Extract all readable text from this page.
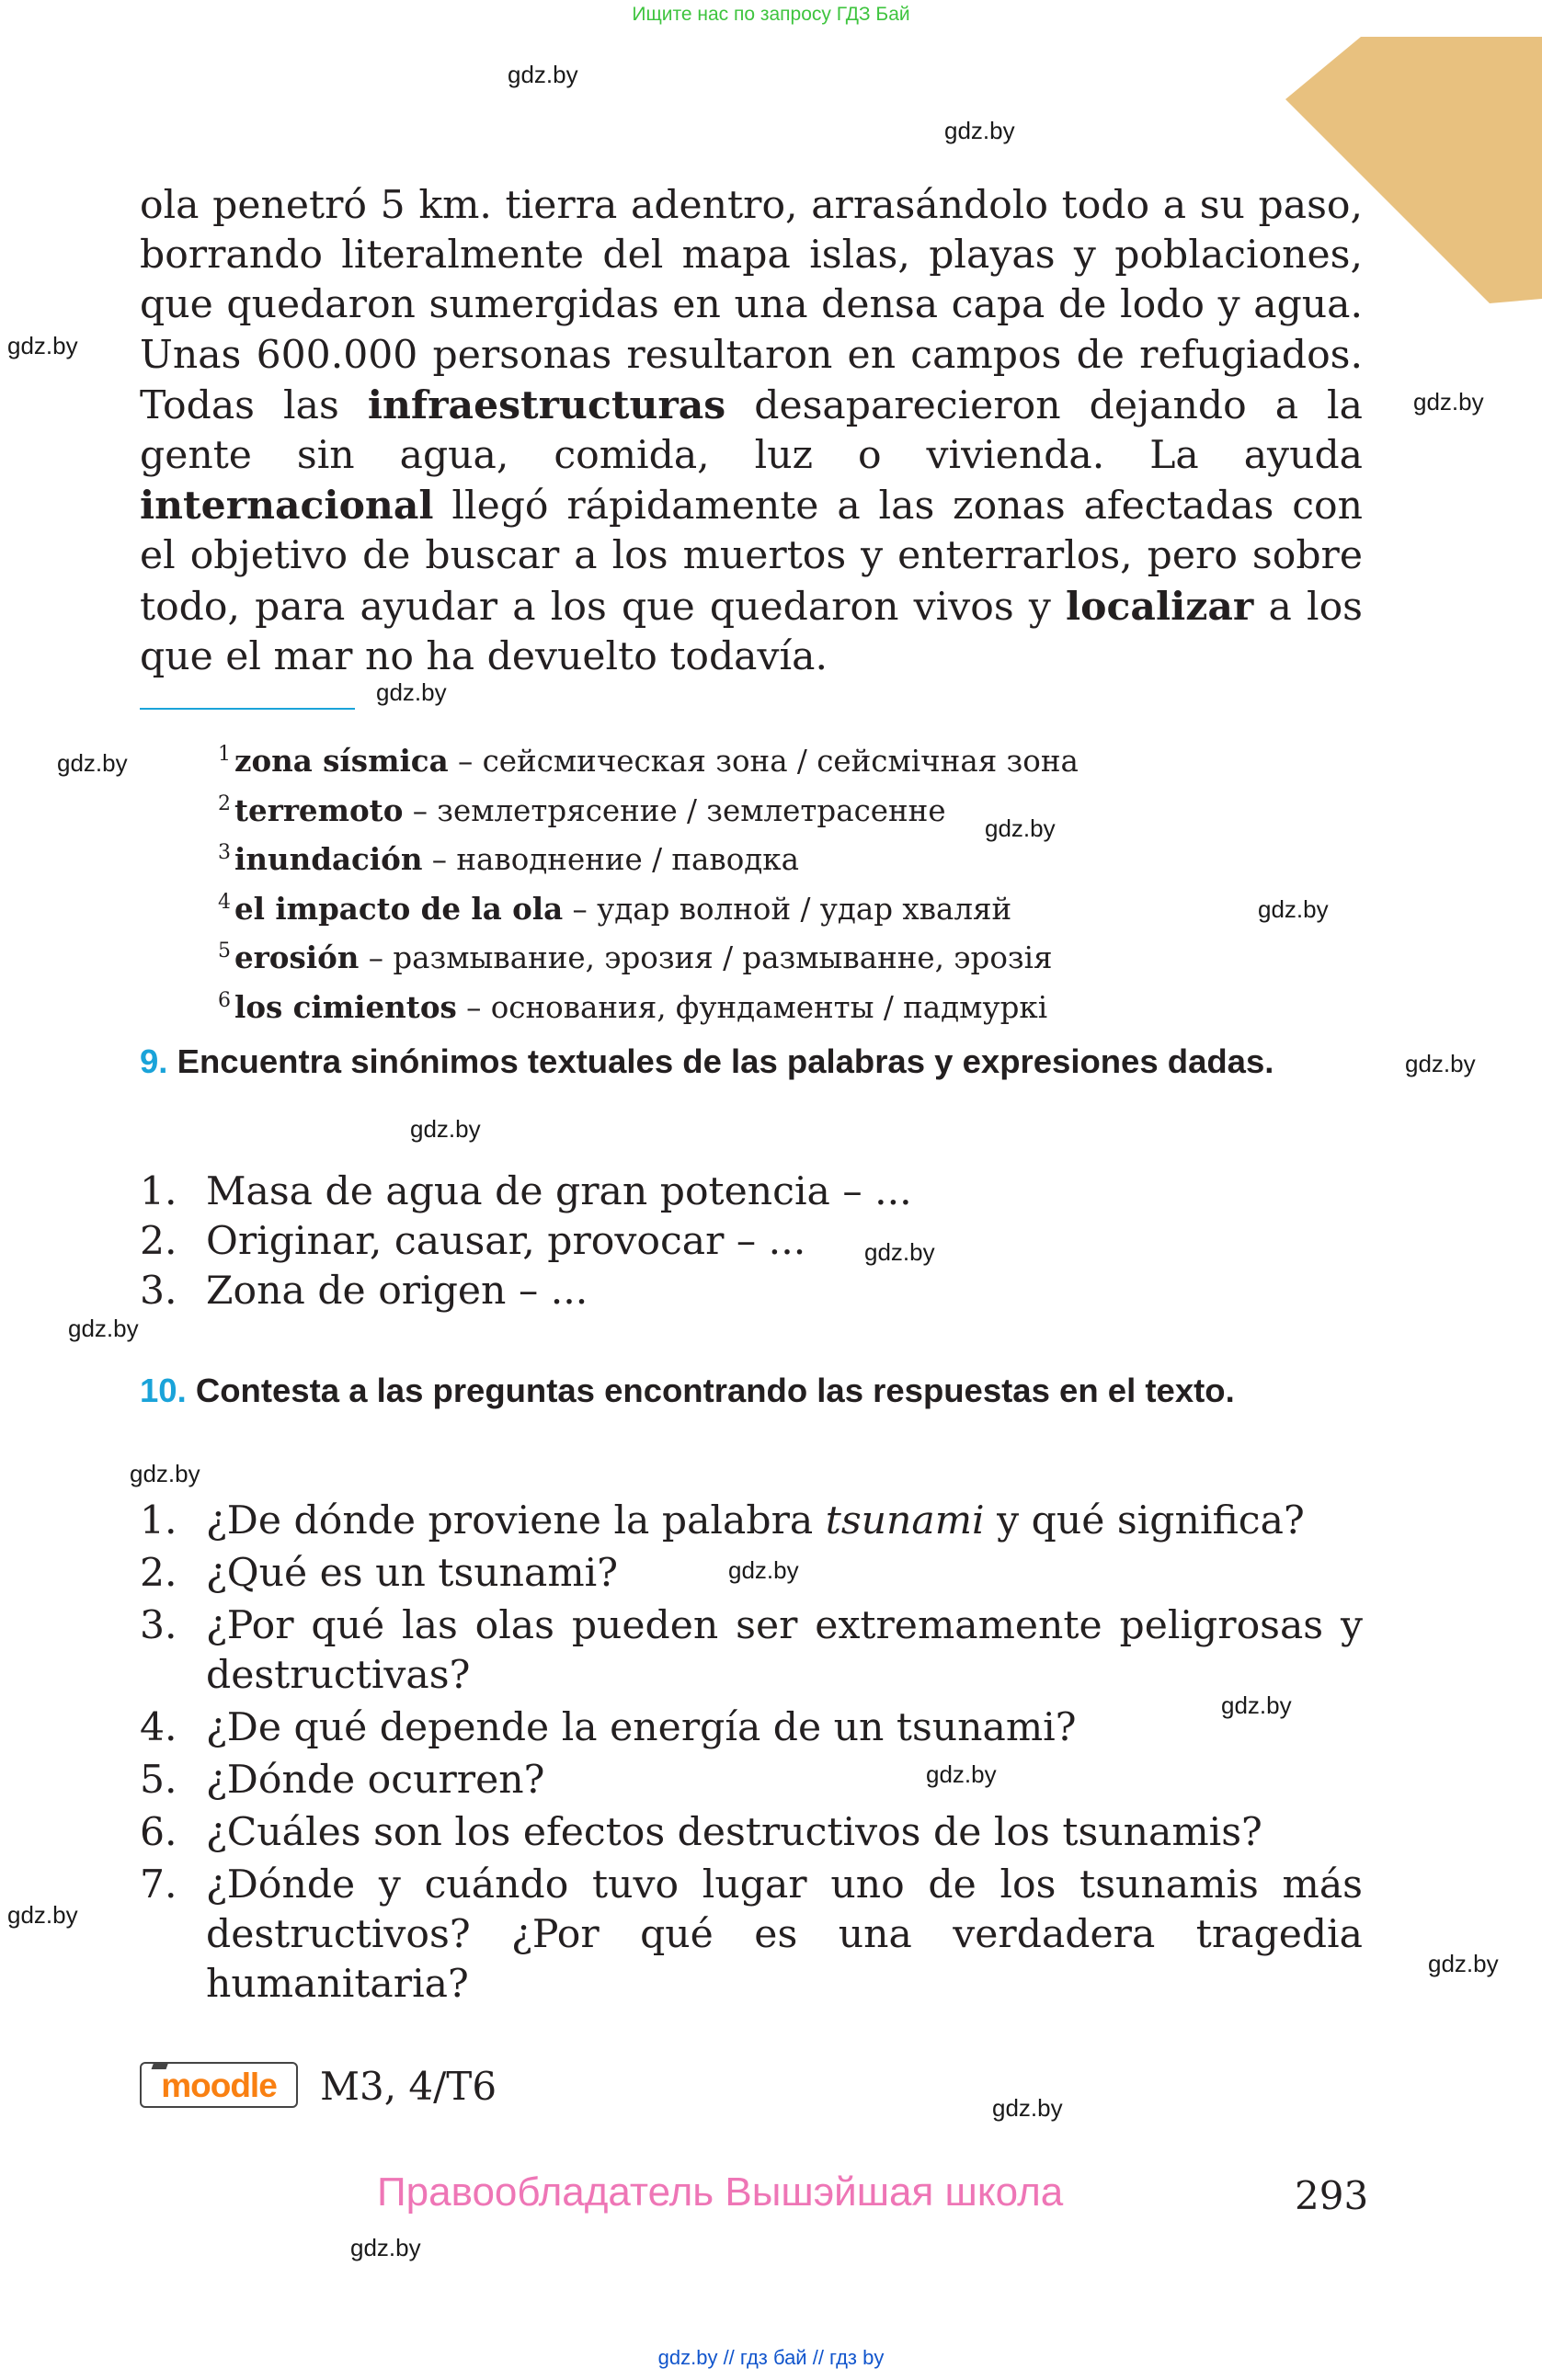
Ищите нас по запросу ГДЗ Бай
gdz.by
gdz.by
gdz.by
gdz.by
gdz.by
gdz.by
gdz.by
gdz.by
gdz.by
gdz.by
gdz.by
gdz.by
gdz.by
gdz.by
gdz.by
gdz.by
gdz.by
gdz.by
gdz.by
gdz.by
ola penetró 5 km. tierra adentro, arrasándolo todo a su paso, borrando literalmente del mapa islas, playas y poblaciones, que quedaron sumergidas en una densa capa de lodo y agua. Unas 600.000 personas resultaron en campos de refugiados. Todas las infraestructuras desaparecieron dejando a la gente sin agua, comida, luz o vivienda. La ayuda internacional llegó rápidamente a las zonas afectadas con el objetivo de buscar a los muertos y enterrarlos, pero sobre todo, para ayudar a los que quedaron vivos y localizar a los que el mar no ha devuelto todavía.
$^1$ zona sísmica – сейсмическая зона / сейсмічная зона
$^2$ terremoto – землетрясение / землетрасенне
$^3$ inundación – наводнение / паводка
$^4$ el impacto de la ola – удар волной / удар хваляй
$^5$ erosión – размывание, эрозия / размыванне, эрозія
$^6$ los cimientos – основания, фундаменты / падмуркі
9. Encuentra sinónimos textuales de las palabras y expresiones dadas.
1. Masa de agua de gran potencia – ...
2. Originar, causar, provocar – ...
3. Zona de origen – ...
10. Contesta a las preguntas encontrando las respuestas en el texto.
1. ¿De dónde proviene la palabra tsunami y qué significa?
2. ¿Qué es un tsunami?
3. ¿Por qué las olas pueden ser extremamente peligrosas y destructivas?
4. ¿De qué depende la energía de un tsunami?
5. ¿Dónde ocurren?
6. ¿Cuáles son los efectos destructivos de los tsunamis?
7. ¿Dónde y cuándo tuvo lugar uno de los tsunamis más destructivos? ¿Por qué es una verdadera tragedia humanitaria?
moodle	M3, 4/T6
Правообладатель Вышэйшая школа	293
gdz.by // гдз бай // гдз by
